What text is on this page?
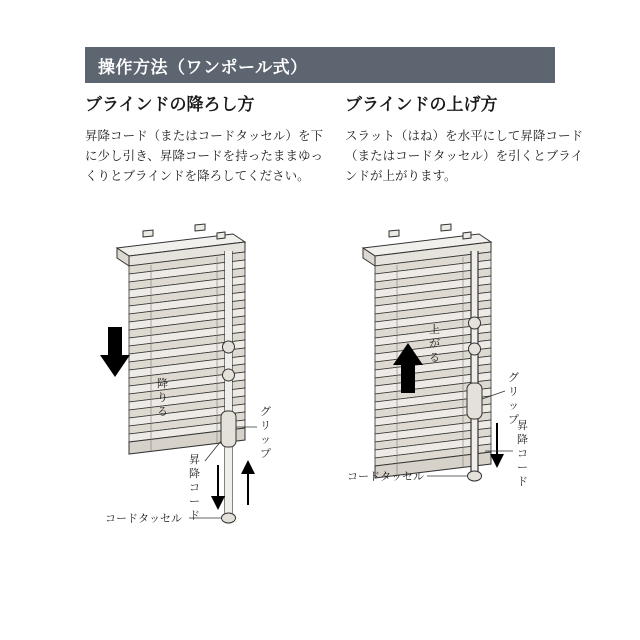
操作方法（ワンポール式）
ブラインドの降ろし方

昇降コード（またはコードタッセル）を下に少し引き、昇降コードを持ったままゆっくりとブラインドを降ろしてください。

ブラインドの上げ方

スラット（はね）を水平にして昇降コード（またはコードタッセル）を引くとブラインドが上がります。

降
り
る	グ
リ
ッ
プ
昇
降
コ
ー
ド
コードタッセル
上
が
る
グ
リ
ッ
プ
昇
降
コ
ー
ド
コードタッセル
